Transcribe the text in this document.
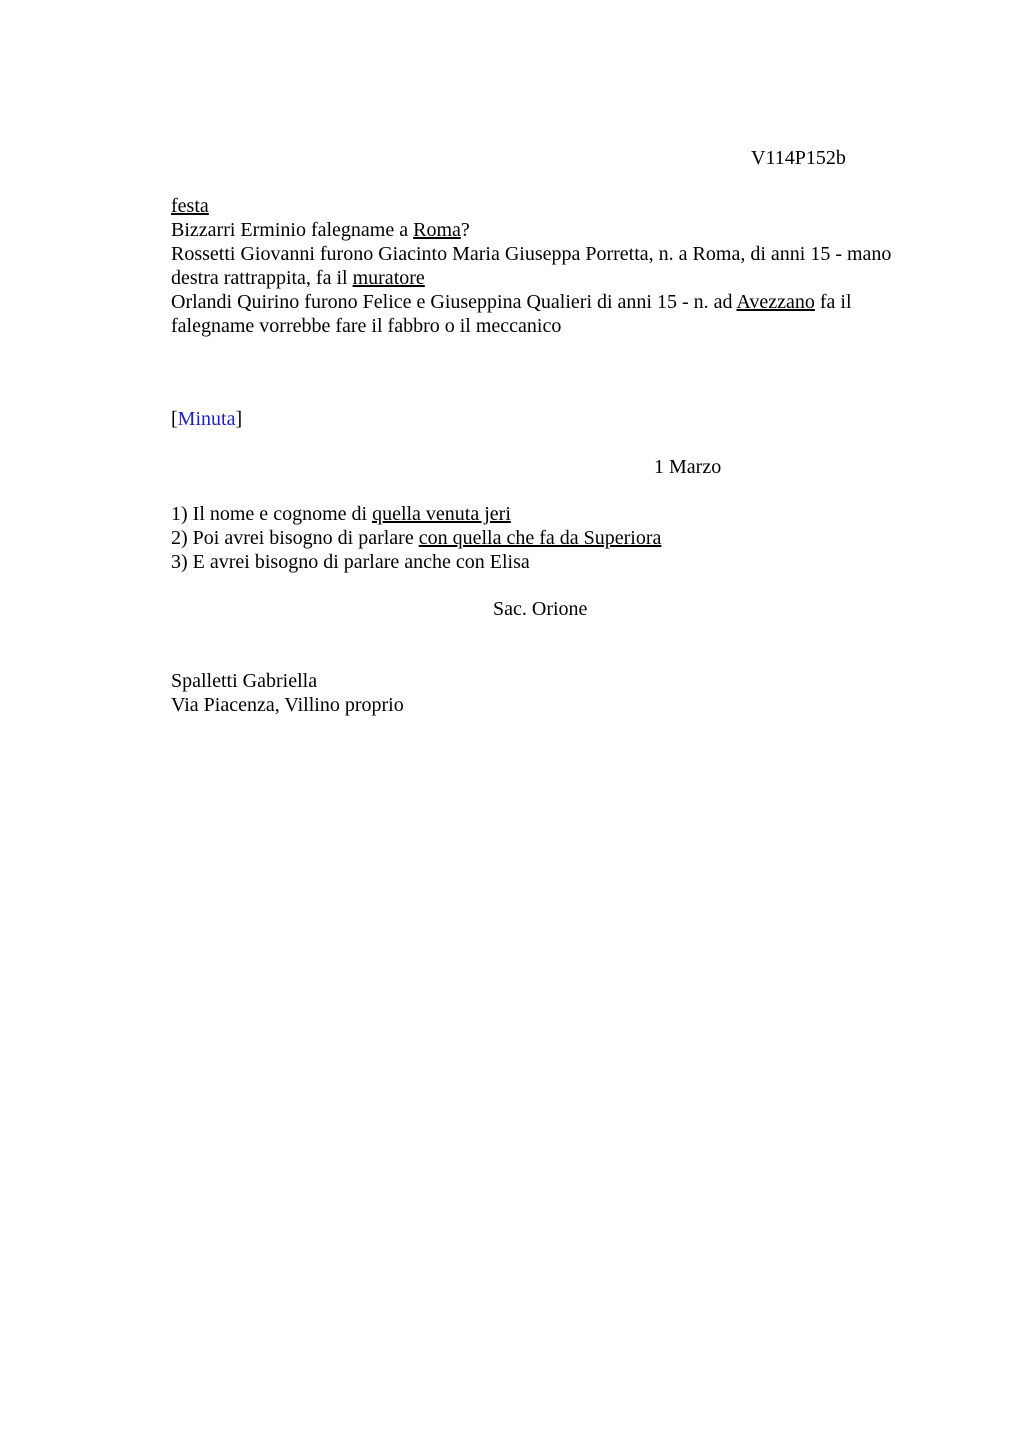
V114P152b
festa
Bizzarri Erminio falegname a Roma?
Rossetti Giovanni furono Giacinto Maria Giuseppa Porretta, n. a Roma, di anni 15 - mano destra rattrappita, fa il muratore
Orlandi Quirino furono Felice e Giuseppina Qualieri di anni 15 - n. ad Avezzano fa il falegname vorrebbe fare il fabbro o il meccanico
[Minuta]
1 Marzo
1) Il nome e cognome di quella venuta jeri
2) Poi avrei bisogno di parlare con quella che fa da Superiora
3) E avrei bisogno di parlare anche con Elisa
Sac. Orione
Spalletti Gabriella
Via Piacenza, Villino proprio
